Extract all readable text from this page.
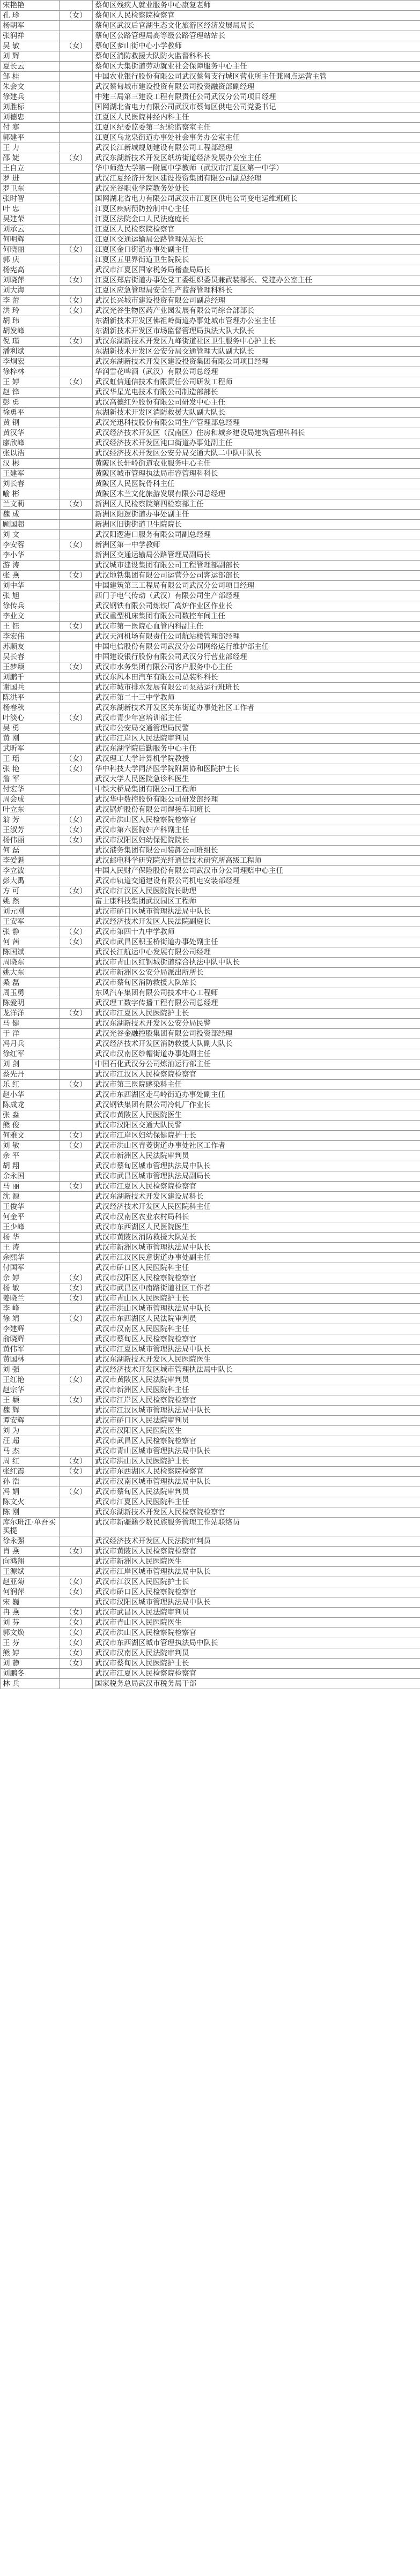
宋艳艳		蔡甸区残疾人就业服务中心康复老师
孔 珍	（女）	蔡甸区人民检察院检察官
杨朝军		蔡甸区武汉后官湖生态文化旅游区经济发展局局长
张润祥		蔡甸区公路管理局高等级公路管理站站长
吴 敏	（女）	蔡甸区奓山街中心小学教师
刘 辉		蔡甸区消防救援大队防火监督科科长
夏长云		蔡甸区大集街道劳动就业社会保障服务中心主任
邹 桂		中国农业银行股份有限公司武汉蔡甸支行城区营业所主任兼网点运营主管
朱会文		武汉蔡甸城市建设投资有限公司投资融资部副经理
徐建兵		中建三局第三建设工程有限责任公司武汉分公司项目经理
刘胜标		国网湖北省电力有限公司武汉市蔡甸区供电公司党委书记
刘德忠		江夏区人民医院神经内科主任
付 寒		江夏区纪委监委第二纪检监察室主任
郭建平		江夏区乌龙泉街道办事处社会事务办公室主任
王 力		武汉长江新城规划建设有限公司工程部经理
邵 婕	（女）	武汉东湖新技术开发区纸坊街道经济发展办公室主任
王自立		华中师范大学第一附属中学教师（武汉市江夏区第一中学）
罗 进		武汉江夏经济开发区建设投资集团有限公司副总经理
罗卫东		武汉光谷职业学院教务处处长
张时智		国网湖北省电力有限公司武汉市江夏区供电公司变电运维班班长
叶 忠		江夏区疾病预防控制中心主任
吴建荣		江夏区法院金口人民法庭庭长
刘承云		江夏区人民检察院检察官
何明辉		江夏区交通运输局公路管理站站长
何晓丽	（女）	江夏区金口街道办事处副主任
郭 庆		江夏区五里界街道卫生院院长
杨宪高		武汉市江夏区国家税务局稽查局局长
刘晓萍	（女）	江夏区郑店街道办事处党工委组织委员兼武装部长、党建办公室主任
刘大海		江夏区应急管理局安全生产监督管理科科长
李 蕾	（女）	武汉长兴城市建设投资有限公司副总经理
洪 玲	（女）	武汉光谷生物医药产业园发展有限公司综合部部长
胡 玮		东湖新技术开发区佛祖岭街道办事处城市管理办公室主任
胡发峰		东湖新技术开发区市场监督管理局执法大队大队长
倪 瑾	（女）	武汉东湖新技术开发区九峰街道社区卫生服务中心护士长
潘利斌		东湖新技术开发区公安分局交通管理大队副大队长
李炯宏		武汉东湖新技术开发区建设投资集团有限公司项目经理
徐梓林		华润雪花啤酒（武汉）有限公司总经理
王 婷	（女）	武汉虹信通信技术有限责任公司研发工程师
赵 锋		武汉华星光电技术有限公司制造部部长
彭 勇		武汉高德红外股份有限公司研发中心主任
徐勇平		东湖新技术开发区消防救援大队副大队长
黄 钢		武汉光迅科技股份有限公司生产管理部总经理
黄汉华		武汉经济技术开发区（汉南区）住房和城乡建设局建筑管理科科长
廖欣峰		武汉经济技术开发区沌口街道办事处副主任
张以浩		武汉经济技术开发区公安分局交通大队二中队中队长
汉 彬		黄陂区长轩岭街道农业服务中心主任
王建军		黄陂区城市管理执法局市容管理科科长
刘长春		黄陂区人民医院骨科主任
喻 彬		黄陂区木兰文化旅游发展有限公司总经理
兰文莉	（女）	新洲区人民检察院第四检察部主任
魏 成		新洲区阳逻街道办事处副主任
顾国超		新洲区旧街街道卫生院院长
刘 文		武汉阳逻港口服务有限公司副总经理
李安蓉	（女）	新洲区第一中学教师
李小华		新洲区交通运输局公路管理局副局长
游 涛		武汉城市建设集团有限公司工程管理部副部长
张 燕	（女）	武汉地铁集团有限公司运营分公司客运部部长
刘中华		中国建筑第三工程局有限公司武汉分公司项目经理
张 旭		西门子电气传动（武汉）有限公司生产部经理
徐传兵		武汉钢铁有限公司炼铁厂高炉作业区作业长
李业文		武汉重型机床集团有限公司数控车间主任
王 钰	（女）	武汉市第一医院心血管内科副主任
李宏伟		武汉天河机场有限责任公司航站楼管理部经理
苏顺友		中国电信股份有限公司武汉分公司网络运行维护部主任
吴长春		中国建设银行股份有限公司武汉分行营业部经理
王梦颖	（女）	武汉市水务集团有限公司客户服务中心主任
刘鹏千		武汉东风本田汽车有限公司总装科科长
谢国兵		武汉市城市排水发展有限公司泵站运行班班长
陈洪平		武汉市第二十三中学教师
杨春秋		武汉东湖新技术开发区关东街道办事处社区工作者
叶淡心	（女）	武汉市青少年宫培训部主任
吴 勇		武汉市公安局交通管理局民警
黄 刚		武汉市江岸区人民法院审判员
武昕军		武汉东湖学院后勤服务中心主任
王 瑶	（女）	武汉理工大学计算机学院教授
张 艳	（女）	华中科技大学同济医学院附属协和医院护士长
詹 军		武汉大学人民医院急诊科医生
付宏华		中铁大桥局集团有限公司工程师
周会成		武汉华中数控股份有限公司研发部经理
叶立东		武汉锅炉股份有限公司焊接车间班长
翁 芳	（女）	武汉市洪山区人民检察院检察官
王淑芳	（女）	武汉市第六医院妇产科副主任
杨伟丽	（女）	武汉市汉阳区妇幼保健院院长
何 磊		武汉港务集团有限公司装卸公司班组长
李爱魁		武汉邮电科学研究院光纤通信技术研究所高级工程师
李立波		中国人民财产保险股份有限公司武汉市分公司理赔中心主任
彭大禹		武汉市轨道交通建设有限公司机电安装部经理
方 可	（女）	武汉市江汉区人民医院院长助理
姚 然		富士康科技集团武汉园区工程师
刘元刚		武汉市硚口区城市管理执法局中队长
王安军		武汉经济技术开发区人民法院副庭长
张 静	（女）	武汉市第四十九中学教师
何 茜	（女）	武汉市武昌区积玉桥街道办事处副主任
陈国斌		武汉长江航运中心发展有限公司经理
周晓东		武汉市青山区红钢城街道综合执法中队中队长
姚大东		武汉市新洲区公安分局派出所所长
桑 磊		武汉市蔡甸区消防救援大队站长
周玉勇		东风汽车集团有限公司技术中心工程师
陈爱明		武汉理工数字传播工程有限公司总经理
龙洋洋	（女）	武汉市江夏区人民医院护士长
马 健		武汉东湖新技术开发区公安分局民警
于 洋		武汉光谷金融控股集团有限公司投资部经理
冯月兵		武汉经济技术开发区消防救援大队副大队长
徐红军		武汉市汉南区纱帽街道办事处副主任
刘 剑		中国石化武汉分公司炼油运行部主任
蔡先丹		武汉市江汉区人民检察院检察官
乐 红	（女）	武汉市第三医院感染科主任
赵小华		武汉市东西湖区走马岭街道办事处副主任
陈成龙		武汉钢铁集团有限公司冷轧厂作业长
张 淼		武汉市黄陂区人民医院医生
熊 俊		武汉市汉阳区交通大队民警
何雅文	（女）	武汉市江岸区妇幼保健院护士长
刘 敏	（女）	武汉市洪山区青菱街道办事处社区工作者
余 平		武汉市新洲区人民法院审判员
胡 翔		武汉市蔡甸区城市管理执法局中队长
余永国		武汉市武昌区城市管理执法局副局长
马 丽	（女）	武汉市江夏区人民检察院检察官
沈 源		武汉东湖新技术开发区建设局科长
王俊华		武汉经济技术开发区人民医院科主任
何金平		武汉市汉南区农业农村局科长
王少峰		武汉市东西湖区人民医院医生
杨 华		武汉市黄陂区消防救援大队站长
王 涛		武汉市新洲区城市管理执法局中队长
余熙华		武汉市江汉区民意街道办事处副主任
付国军		武汉市硚口区人民医院科主任
余 婷	（女）	武汉市汉阳区人民检察院检察官
杨 敏	（女）	武汉市武昌区中南路街道社区工作者
姜晓兰	（女）	武汉市青山区人民医院护士长
李 峰		武汉市洪山区城市管理执法局中队长
徐 靖	（女）	武汉市东西湖区人民法院审判员
李建辉		武汉市汉南区人民医院科主任
俞晓辉		武汉市蔡甸区人民检察院检察官
黄伟军		武汉市江夏区城市管理执法局中队长
黄国林		武汉东湖新技术开发区人民医院医生
刘 强		武汉经济技术开发区城市管理执法局中队长
王红艳	（女）	武汉市黄陂区人民法院审判员
赵宗华		武汉市新洲区人民医院科主任
王 颖	（女）	武汉市江岸区人民检察院检察官
魏 辉		武汉市江汉区城市管理执法局中队长
谭安辉		武汉市硚口区人民法院审判员
刘 为		武汉市汉阳区人民医院医生
汪 超		武汉市武昌区人民检察院检察官
马 杰		武汉市青山区城市管理执法局中队长
周 红	（女）	武汉市洪山区人民医院护士长
张红霞	（女）	武汉市东西湖区人民检察院检察官
孙 浩		武汉市汉南区城市管理执法局中队长
冯 娟	（女）	武汉市蔡甸区人民法院审判员
陈文火		武汉市江夏区人民医院科主任
陈 刚		武汉东湖新技术开发区人民检察院检察官
库尔班江·单吾买买提		武汉市新疆籍少数民族服务管理工作站联络员
徐永强		武汉经济技术开发区人民法院审判员
肖 燕	（女）	武汉市黄陂区人民检察院检察官
向鸿翔		武汉市新洲区人民医院医生
王源斌		武汉市江岸区城市管理执法局中队长
赵亚菊	（女）	武汉市江汉区人民医院护士长
何润萍	（女）	武汉市硚口区人民检察院检察官
宋 巍		武汉市汉阳区城市管理执法局中队长
冉 燕	（女）	武汉市武昌区人民法院审判员
刘 芬	（女）	武汉市青山区人民医院医生
郭文焕	（女）	武汉市洪山区人民检察院检察官
王 芬	（女）	武汉市东西湖区城市管理执法局中队长
熊 婷	（女）	武汉市汉南区人民法院审判员
刘 静	（女）	武汉市蔡甸区人民医院护士长
刘鹏冬		武汉市江夏区人民检察院检察官
林 兵		国家税务总局武汉市税务局干部
